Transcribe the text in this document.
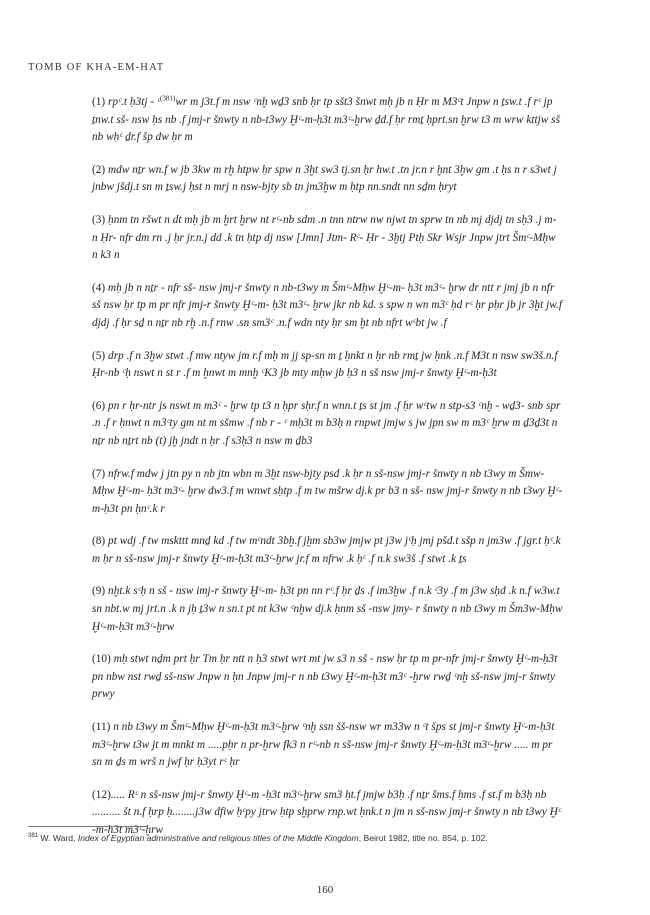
TOMB OF KHA-EM-HAT

(1) rpᶜ.t ḥ3tj - ᶜ$^{(381)}$wr m j3t.f m nsw ᶜnḫ wḏ3 snb ḥr tp sšt3 šnwt mḥ jb n Ḥr m M3ᶜt Jnpw n ṯsw.t .f rᶜ jp ṯnw.t sš- nsw ḥs nb .f jmj-r šnwty n nb-t3wy Ḫᶜ-m-ḥ3t m3ᶜ-ḫrw ḏd.f ḥr rmṯ ḥprt.sn ḫrw t3 m wrw kttjw sš nb wḥᶜ ḏr.f šp dw ḥr m

(2) mdw nṯr wn.f w jb 3kw m rḫ htpw ḥr spw n 3ḫt sw3 tj.sn ḥr hw.t .tn jr.n r ḫnt 3ḫw gm .t ḥs n r s3wt j jnbw jšdj.t sn m ṯsw.j ḥst n mrj n nsw-bjty sb tn jm3ḫw m ḥtp nn.sndt nn sḏm ḥryt

(3) ḥnm tn ršwt n dt mḥ jb m ḫrt ḫrw nt rᶜ-nb sdm .n tnn ntrw nw njwt tn sprw tn nb mj djdj tn sḥ3 .j m- n Ḥr- nfr dm rn .j ḥr jr.n.j dd .k tn ḥtp dj nsw [Jmn] Jtm- Rᶜ- Ḥr - 3ḫtj Ptḥ Skr Wsjr Jnpw jtrt Šmᶜ-Mḥw n k3 n

(4) mḥ jb n nṯr - nfr sš- nsw jmj-r šnwty n nb-t3wy m Šmᶜ-Mḥw Ḫᶜ-m- ḥ3t m3ᶜ- ḫrw dr ntt r jmj jb n nfr sš nsw ḥr tp m pr nfr jmj-r šnwty Ḫᶜ-m- ḥ3t m3ᶜ- ḫrw jkr nb kd. s spw n wn m3ᶜ ḥd rᶜ ḥr pḥr jb jr 3ḫt jw.f djdj .f ḥr sḏ n nṯr nb rḫ .n.f rnw .sn sm3ᶜ .n.f wdn nty ḥr sm ḫt nb nfrt wᶜbt jw .f

(5) drp .f n 3ḫw stwt .f mw ntyw jm r.f mḥ m jj sp-sn m ṯ ḥnkt n ḥr nb rmṯ jw ḥnk .n.f M3t n nsw sw3š.n.f Ḥr-nb ᶜḥ nswt n st r .f m ḫnwt m mnḫ ᶜK3 jb mty mḥw jb ḥ3 n sš nsw jmj-r šnwty Ḫᶜ-m-ḥ3t

(6) pn r ḥr-ntr js nswt m m3ᶜ - ḫrw tp t3 n ḥpr sḥr.f n wnn.t ṯs st jm .f ḥr wᶜtw n stp-s3 ᶜnḫ - wḏ3- snb spr .n .f r ḥnwt n m3ᶜty gm nt m sšmw .f nb r - ᶜ mḥ3t m b3ḥ n rnpwt jmjw s jw jpn sw m m3ᶜ ḫrw m ḏ3ḏ3t n nṯr nb nṯrt nb (t) jḫ jndt n ḥr .f s3ḥ3 n nsw m ḏb3

(7) nfrw.f mdw j jtn py n nb jtn wbn m 3ḫt nsw-bjty psd .k ḥr n sš-nsw jmj-r šnwty n nb t3wy m Šmw-Mḥw Ḫᶜ-m- ḥ3t m3ᶜ- ḫrw dw3.f m wnwt sḥtp .f m tw mšrw dj.k pr b3 n sš- nsw jmj-r šnwty n nb t3wy Ḫᶜ-m-ḥ3t pn ḥnᶜ.k r

(8) pt wdj .f tw mskttt mnḏ kd .f tw mᶜndt 3bḫ.f jḫm sb3w jmjw pt j3w jᶜḥ jmj pšd.t sšp n jm3w .f jgr.t ḥᶜ.k m ḥr n sš-nsw jmj-r šnwty Ḫᶜ-m-ḥ3t m3ᶜ-ḫrw jr.f m nfrw .k ḥᶜ .f n.k sw3š .f stwt .k ṯs

(9) nḫt.k sᶜḥ n sš - nsw imj-r šnwty Ḫᶜ-m- ḥ3t pn nn rᶜ.f ḥr ḏs .f im3ḫw .f n.k ᶜ3y .f m j3w sḥd .k n.f w3w.t sn nbt.w mj jrt.n .k n jḥ ṯ3w n sn.t pt nt k3w ᶜnḫw dj.k ḥnm sš -nsw jmy- r šnwty n nb t3wy m Šm3w-Mḥw Ḫᶜ-m-ḥ3t m3ᶜ-ḫrw

(10) mḥ stwt nḏm prt ḥr Tm ḥr ntt n ḥ3 stwt wrt mt jw s3 n sš - nsw ḥr tp m pr-nfr jmj-r šnwty Ḫᶜ-m-ḥ3t pn nbw nst rwḏ sš-nsw Jnpw n ḥn Jnpw jmj-r n nb t3wy Ḫᶜ-m-ḥ3t m3ᶜ -ḫrw rwḏ ᶜnḫ sš-nsw jmj-r šnwty prwy

(11) n nb t3wy m Šmᶜ-Mḥw Ḫᶜ-m-ḥ3t m3ᶜ-ḫrw ᶜnḫ ssn šš-nsw wr m33w n ᶜt šps st jmj-r šnwty Ḫᶜ-m-ḥ3t m3ᶜ-ḫrw t3w jt m mnkt m .....pḥr n pr-ḫrw fk3 n rᶜ-nb n sš-nsw jmj-r šnwty Ḫᶜ-m-ḥ3t m3ᶜ-ḫrw ..... m pr sn m ḏs m wrš n jwf ḥr ḥ3yt rᶜ ḥr

(12)..... Rᶜ n sš-nsw jmj-r šnwty Ḫᶜ-m -ḥ3t m3ᶜ-ḫrw sm3 ḥt.f jmjw b3ḥ .f nṯr šms.f ḥms .f st.f m b3ḥ nb .......... št n.f ḥrp ḥ........j3w dfiw ḥᶜpy jtrw ḥtp sḫprw rnp.wt ḥnk.t n jm n sš-nsw jmj-r šnwty n nb t3wy Ḫᶜ -m-ḥ3t m3ᶜ-ḫrw

$^{381}$ W. Ward, Index of Egyptian administrative and religious titles of the Middle Kingdom, Beirut 1982, title no. 854, p. 102.
160
